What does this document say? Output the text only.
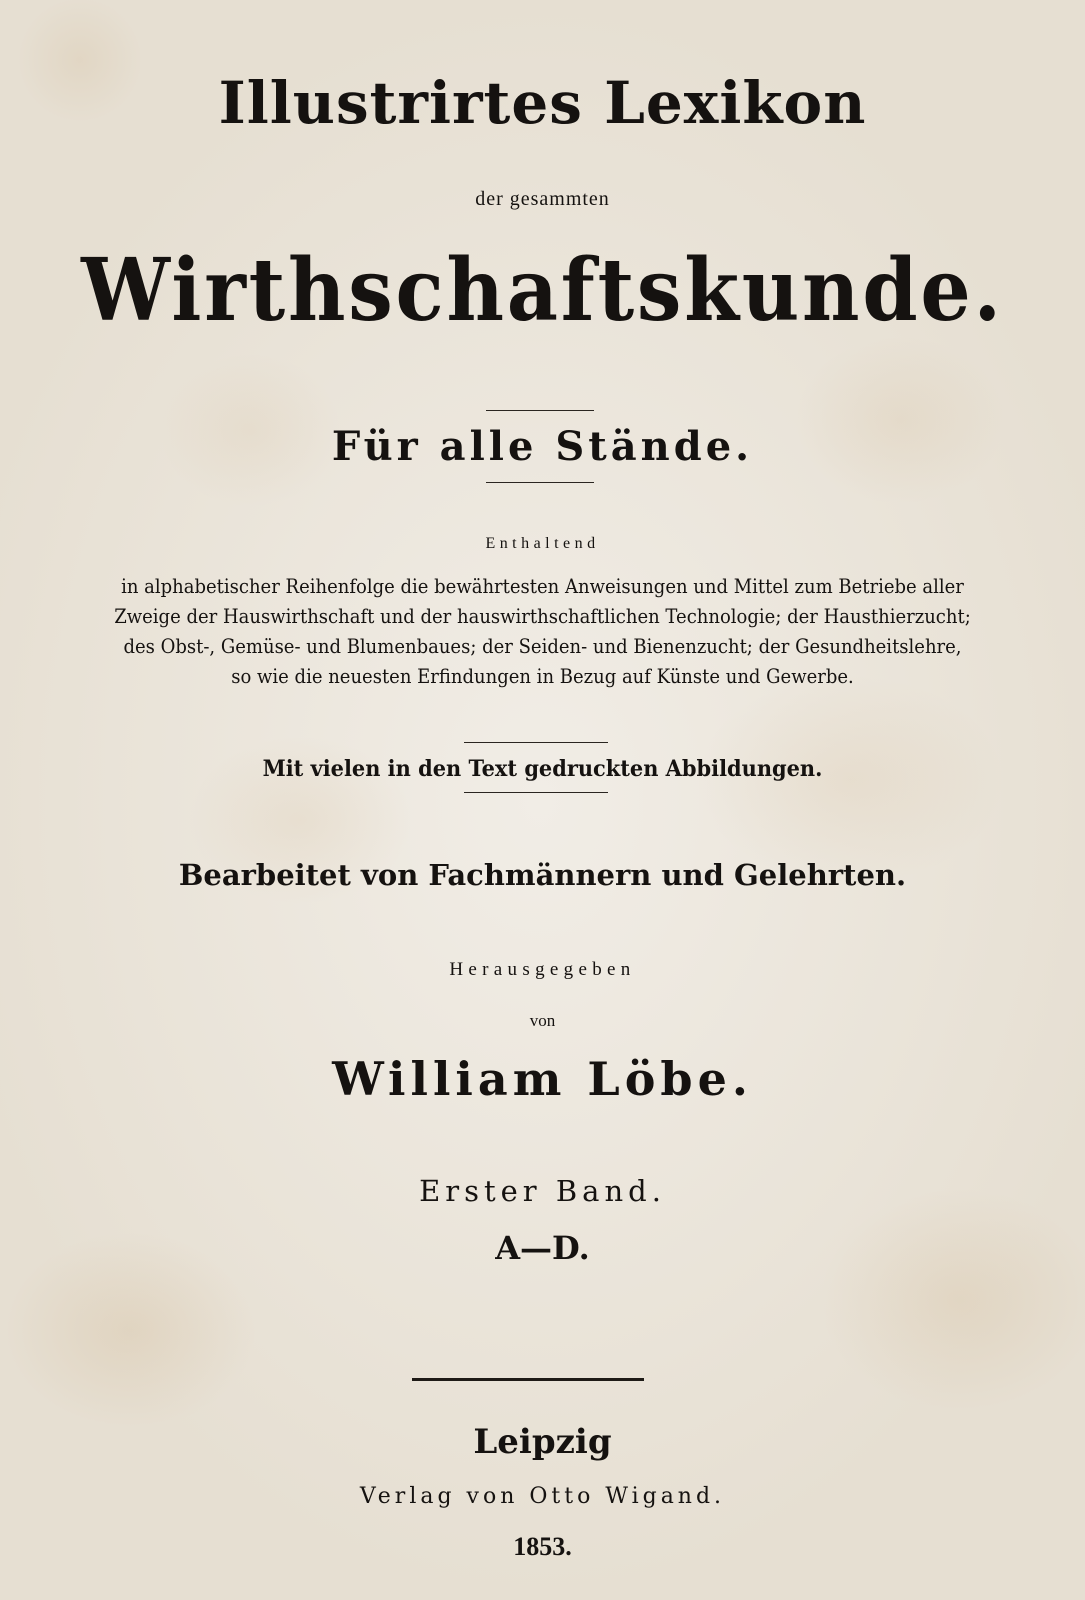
Illustrirtes Lexikon
der gesammten
Wirthschaftskunde.
Für alle Stände.
Enthaltend
in alphabetischer Reihenfolge die bewährtesten Anweisungen und Mittel zum Betriebe aller
Zweige der Hauswirthschaft und der hauswirthschaftlichen Technologie; der Hausthierzucht;
des Obst-, Gemüse- und Blumenbaues; der Seiden- und Bienenzucht; der Gesundheitslehre,
so wie die neuesten Erfindungen in Bezug auf Künste und Gewerbe.
Mit vielen in den Text gedruckten Abbildungen.
Bearbeitet von Fachmännern und Gelehrten.
Herausgegeben
von
William Löbe.
Erster Band.
A—D.
Leipzig
Verlag von Otto Wigand.
1853.
